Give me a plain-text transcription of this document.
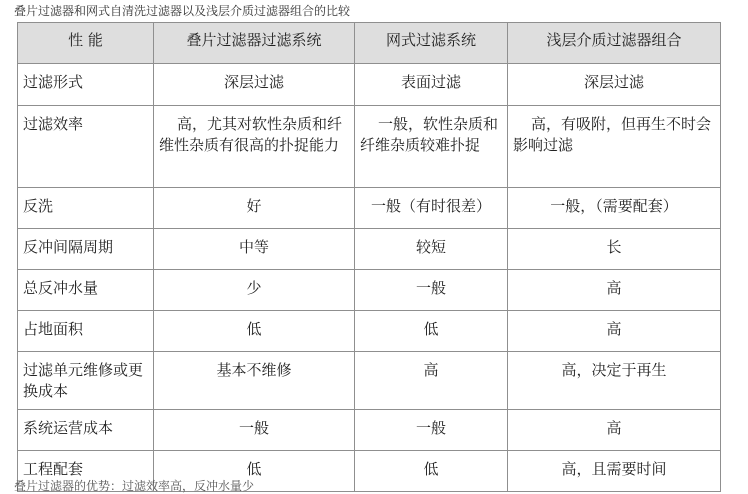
叠片过滤器和网式自清洗过滤器以及浅层介质过滤器组合的比较
性 能	叠片过滤器过滤系统	网式过滤系统	浅层介质过滤器组合
过滤形式	深层过滤	表面过滤	深层过滤
过滤效率	高，尤其对软性杂质和纤维性杂质有很高的扑捉能力	一般，软性杂质和纤维杂质较难扑捉	高，有吸附，但再生不时会影响过滤
反洗	好	一般（有时很差）	一般，（需要配套）
反冲间隔周期	中等	较短	长
总反冲水量	少	一般	高
占地面积	低	低	高
过滤单元维修或更换成本	基本不维修	高	高，决定于再生
系统运营成本	一般	一般	高
工程配套	低	低	高，且需要时间
叠片过滤器的优势：过滤效率高，反冲水量少
